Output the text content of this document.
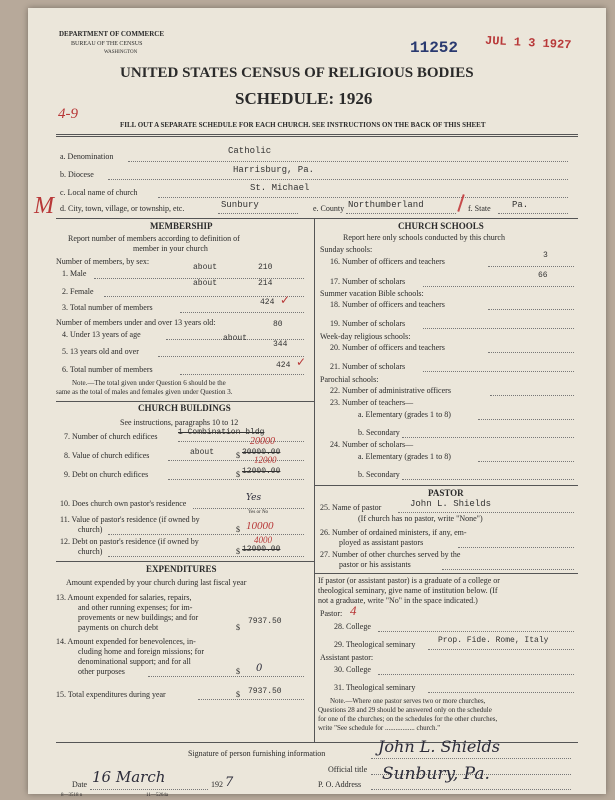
DEPARTMENT OF COMMERCE
BUREAU OF THE CENSUS
WASHINGTON	11252 JUL 1 3 1927
UNITED STATES CENSUS OF RELIGIOUS BODIES
SCHEDULE: 1926
4-9
FILL OUT A SEPARATE SCHEDULE FOR EACH CHURCH. SEE INSTRUCTIONS ON THE BACK OF THIS SHEET
a. Denomination
Catholic
b. Diocese	Harrisburg, Pa.
c. Local name of church	St. Michael
M d. City, town, village, or township, etc.	Sunbury	e. County Northumberland	f. State Pa.
MEMBERSHIP
Report number of members according to definition of
member in your church
Number of members, by sex:
1. Male
about	210
2. Female
about	214
3. Total number of members
424 ✓
Number of members under and over 13 years old:
4. Under 13 years of age	about
80
5. 13 years old and over
344
6. Total number of members	424 ✓
Note.—The total given under Question 6 should be the
same as the total of males and females given under Question 3.
CHURCH BUILDINGS
See instructions, paragraphs 10 to 12
7. Number of church edifices	1 Combination bldg
8. Value of church edifices	about	$ 30000.00
20000
9. Debt on church edifices	$ 12000.00
12000
10. Does church own pastor's residence
Yes
Yes or No
11. Value of pastor's residence (if owned by
church)	$ 10000
12. Debt on pastor's residence (if owned by
church)	$ 12000.00
4000
EXPENDITURES
Amount expended by your church during last fiscal year
13. Amount expended for salaries, repairs,
and other running expenses; for im-
provements or new buildings; and for
payments on church debt	$
7937.50
14. Amount expended for benevolences, in-
cluding home and foreign missions; for
denominational support; and for all
other purposes	$ 0
15. Total expenditures during year	$ 7937.50
CHURCH SCHOOLS
Report here only schools conducted by this church
Sunday schools:
16. Number of officers and teachers
3
17. Number of scholars
66
Summer vacation Bible schools:
18. Number of officers and teachers
19. Number of scholars
Week-day religious schools:
20. Number of officers and teachers
21. Number of scholars
Parochial schools:
22. Number of administrative officers
23. Number of teachers—
a. Elementary (grades 1 to 8)
b. Secondary
24. Number of scholars—
a. Elementary (grades 1 to 8)
b. Secondary
PASTOR
25. Name of pastor	John L. Shields
(If church has no pastor, write "None")
26. Number of ordained ministers, if any, em-
ployed as assistant pastors
27. Number of other churches served by the
pastor or his assistants
If pastor (or assistant pastor) is a graduate of a college or
theological seminary, give name of institution below. (If
not a graduate, write "No" in the space indicated.)
Pastor: 4
28. College
29. Theological seminary	Prop. Fide. Rome, Italy
Assistant pastor:
30. College
31. Theological seminary
Note.—Where one pastor serves two or more churches,
Questions 28 and 29 should be answered only on the schedule
for one of the churches; on the schedules for the other churches,
write "See schedule for ................. church."
Signature of person furnishing information	John L. Shields
Official title
Date 16 March	192 7
8—3518 n	11—5264a
P. O. Address
Sunbury, Pa.
